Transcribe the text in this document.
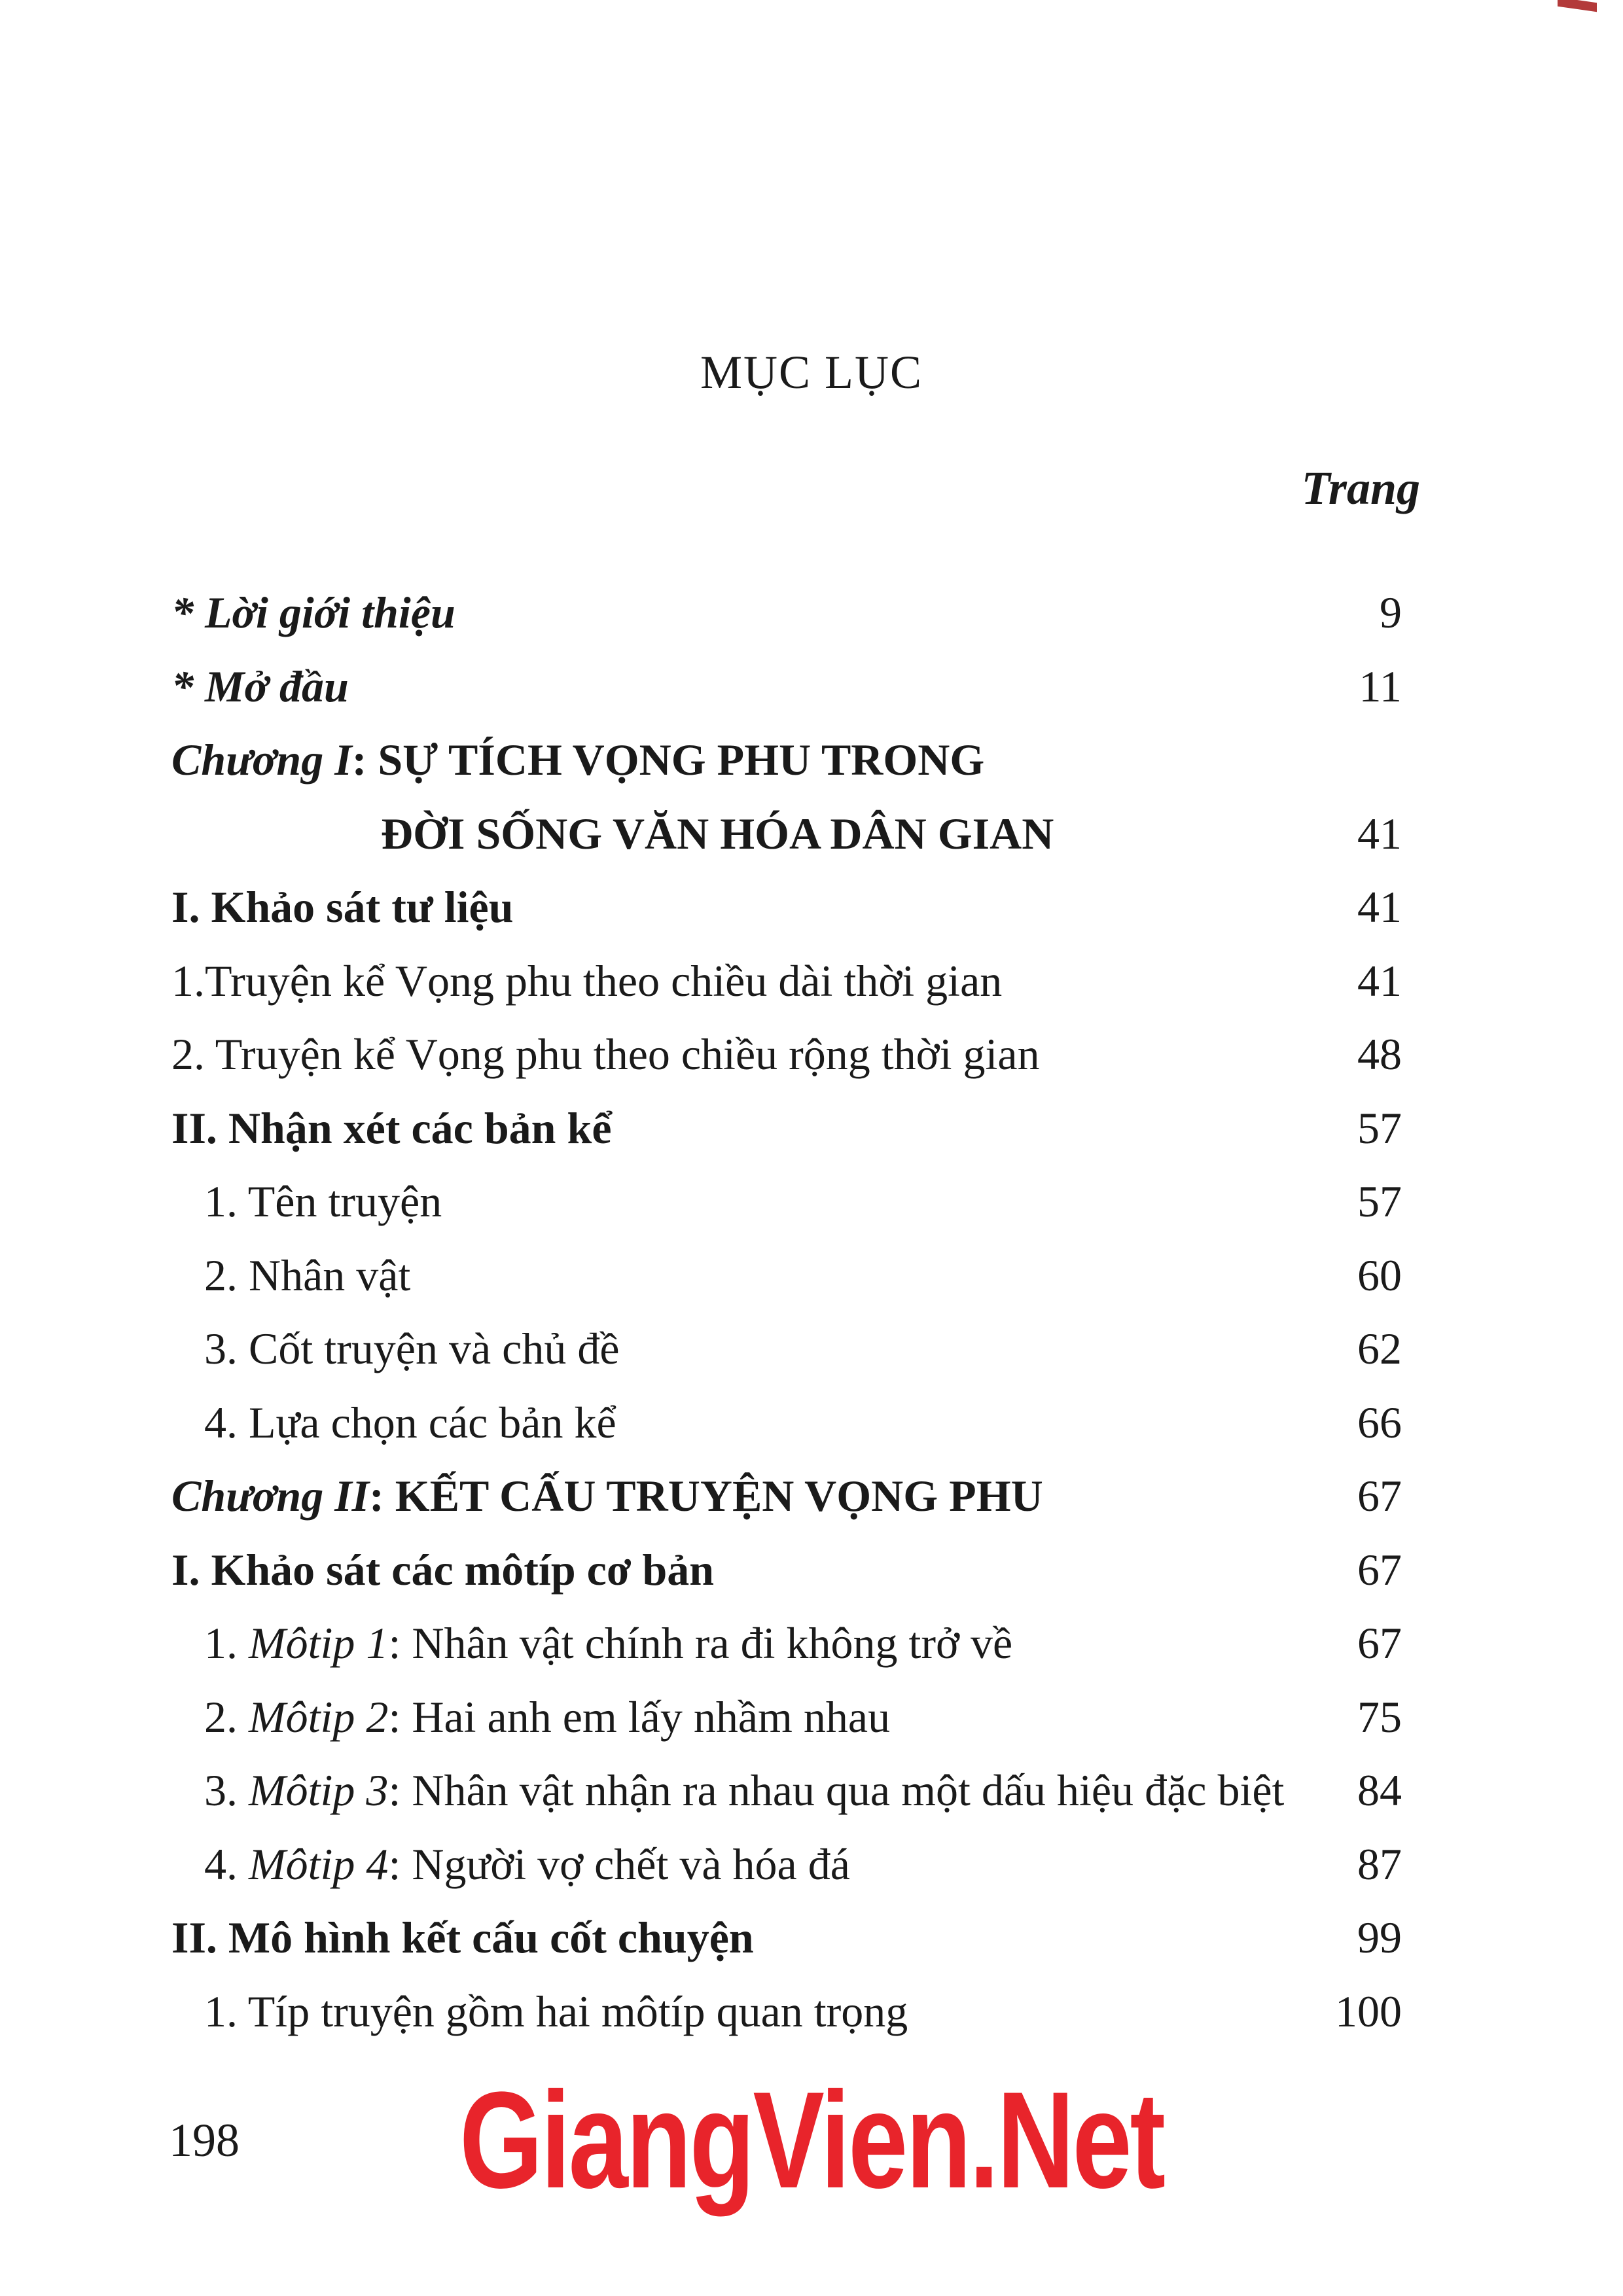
MỤC LỤC
Trang
* Lời giới thiệu	9
* Mở đầu	11
Chương I: SỰ TÍCH VỌNG PHU TRONG
ĐỜI SỐNG VĂN HÓA DÂN GIAN	41
I. Khảo sát tư liệu	41
1.Truyện kể Vọng phu theo chiều dài thời gian	41
2. Truyện kể Vọng phu theo chiều rộng thời gian	48
II. Nhận xét các bản kể	57
1. Tên truyện	57
2. Nhân vật	60
3. Cốt truyện và chủ đề	62
4. Lựa chọn các bản kể	66
Chương II: KẾT CẤU TRUYỆN VỌNG PHU	67
I. Khảo sát các môtíp cơ bản	67
1. Môtip 1: Nhân vật chính ra đi không trở về	67
2. Môtip 2: Hai anh em lấy nhầm nhau	75
3. Môtip 3: Nhân vật nhận ra nhau qua một dấu hiệu đặc biệt 84
4. Môtip 4: Người vợ chết và hóa đá	87
II. Mô hình kết cấu cốt chuyện	99
1. Típ truyện gồm hai môtíp quan trọng	100
198	GiangVien.Net
